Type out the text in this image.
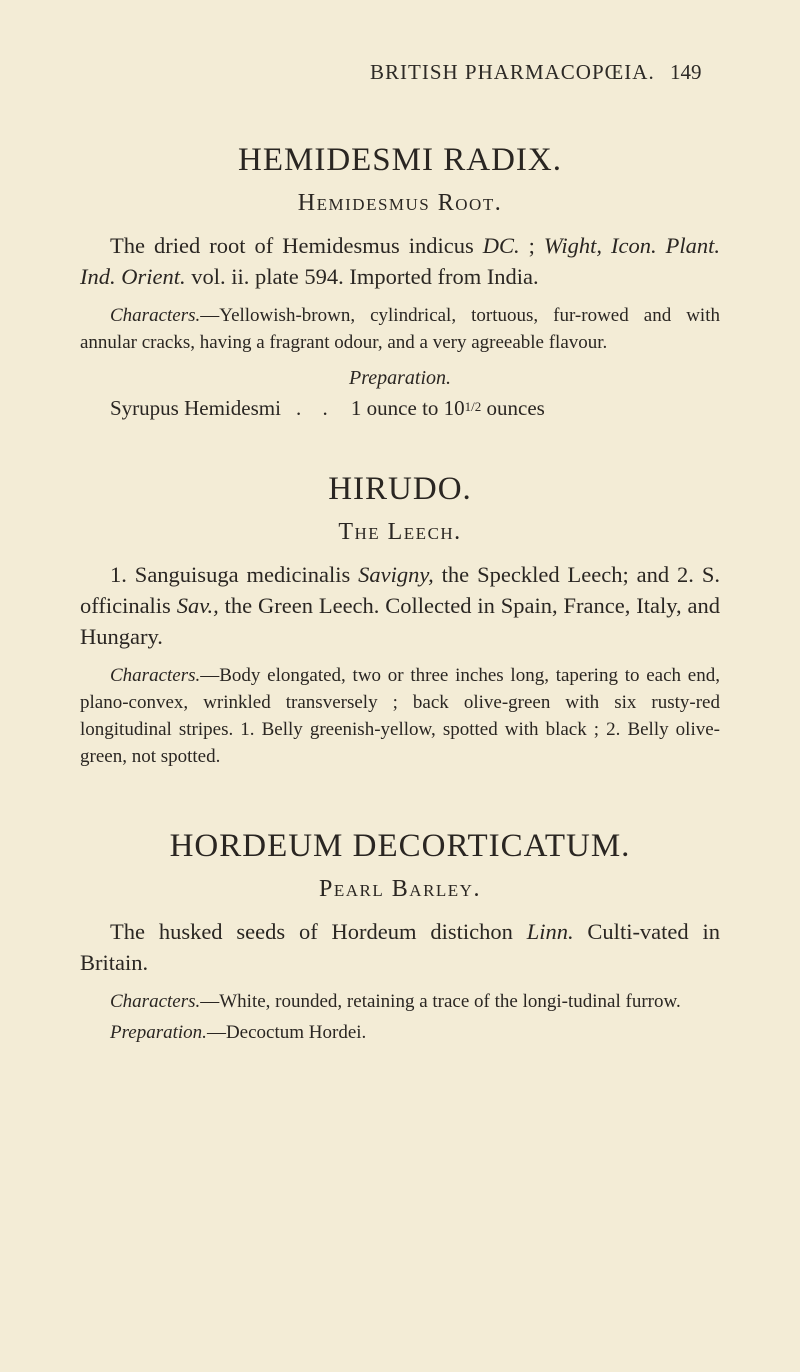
BRITISH PHARMACOPŒIA. 149
HEMIDESMI RADIX.
Hemidesmus Root.

The dried root of Hemidesmus indicus DC. ; Wight, Icon. Plant. Ind. Orient. vol. ii. plate 594. Imported from India.

Characters.—Yellowish-brown, cylindrical, tortuous, fur-rowed and with annular cracks, having a fragrant odour, and a very agreeable flavour.

Preparation.

Syrupus Hemidesmi . . 1 ounce to 101/2 ounces

HIRUDO.
The Leech.

1. Sanguisuga medicinalis Savigny, the Speckled Leech; and 2. S. officinalis Sav., the Green Leech. Collected in Spain, France, Italy, and Hungary.

Characters.—Body elongated, two or three inches long, tapering to each end, plano-convex, wrinkled transversely ; back olive-green with six rusty-red longitudinal stripes. 1. Belly greenish-yellow, spotted with black ; 2. Belly olive-green, not spotted.

HORDEUM DECORTICATUM.
Pearl Barley.

The husked seeds of Hordeum distichon Linn. Culti-vated in Britain.

Characters.—White, rounded, retaining a trace of the longi-tudinal furrow.

Preparation.—Decoctum Hordei.
